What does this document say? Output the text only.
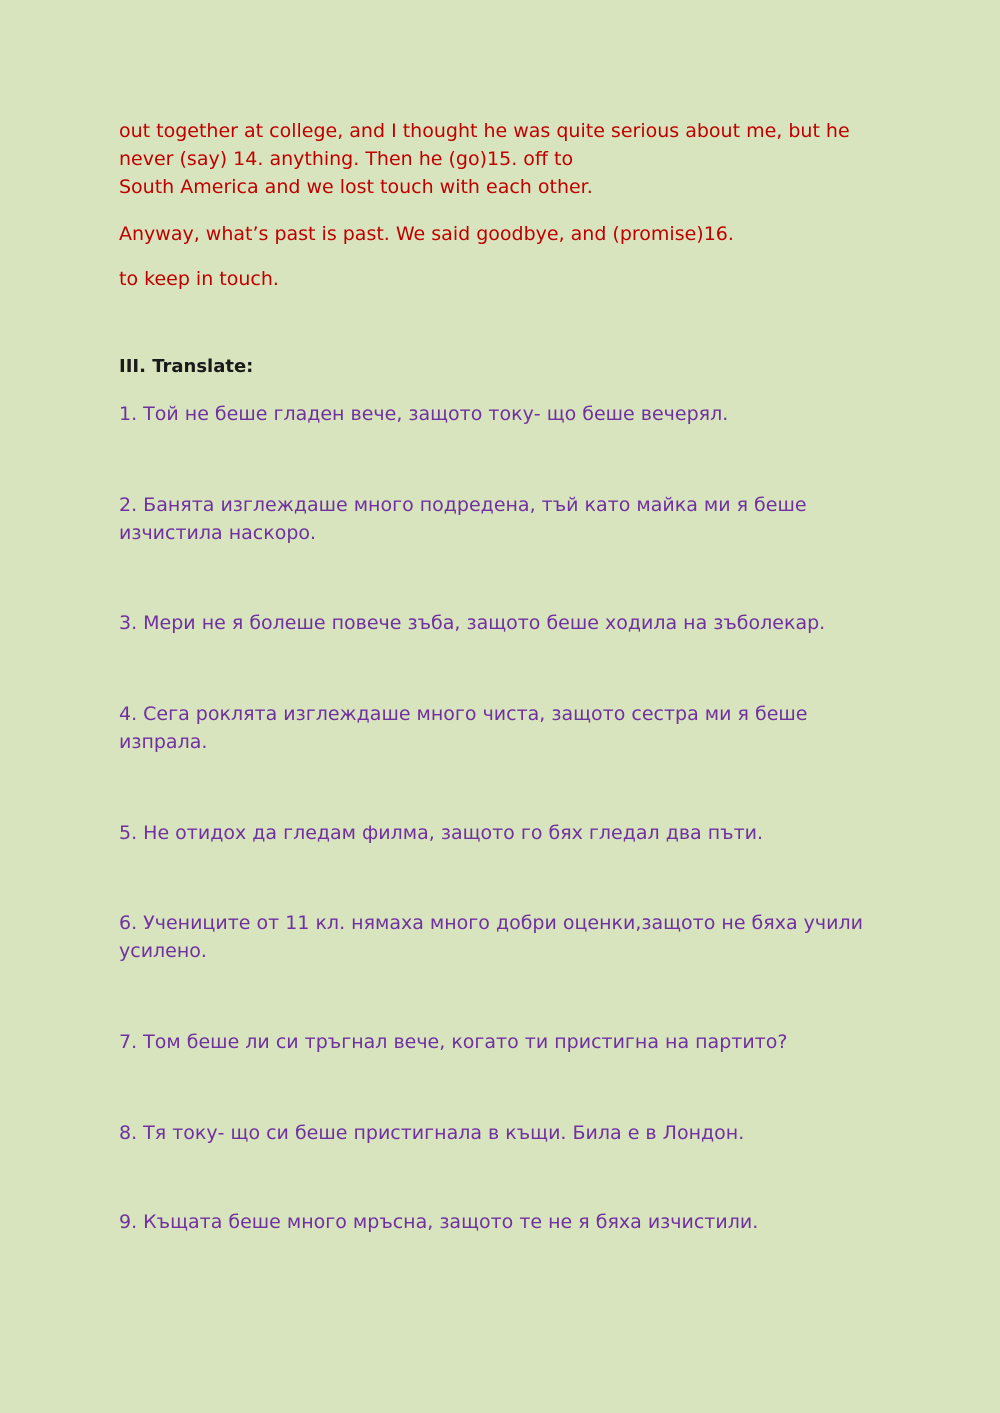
out together at college, and I thought he was quite serious about me, but he
never (say) 14. anything. Then he (go)15. off to
South America and we lost touch with each other.
Anyway, what’s past is past. We said goodbye, and (promise)16.
to keep in touch.
III. Translate:
1. Той не беше гладен вече, защото току- що беше вечерял.
2. Банята изглеждаше много подредена, тъй като майка ми я беше
изчистила наскоро.
3. Мери не я болеше повече зъба, защото беше ходила на зъболекар.
4. Сега роклята изглеждаше много чиста, защото сестра ми я беше
изпрала.
5. Не отидох да гледам филма, защото го бях гледал два пъти.
6. Учениците от 11 кл. нямаха много добри оценки,защото не бяха учили
усилено.
7. Том беше ли си тръгнал вече, когато ти пристигна на партито?
8. Тя току- що си беше пристигнала в къщи. Била е в Лондон.
9. Къщата беше много мръсна, защото те не я бяха изчистили.
